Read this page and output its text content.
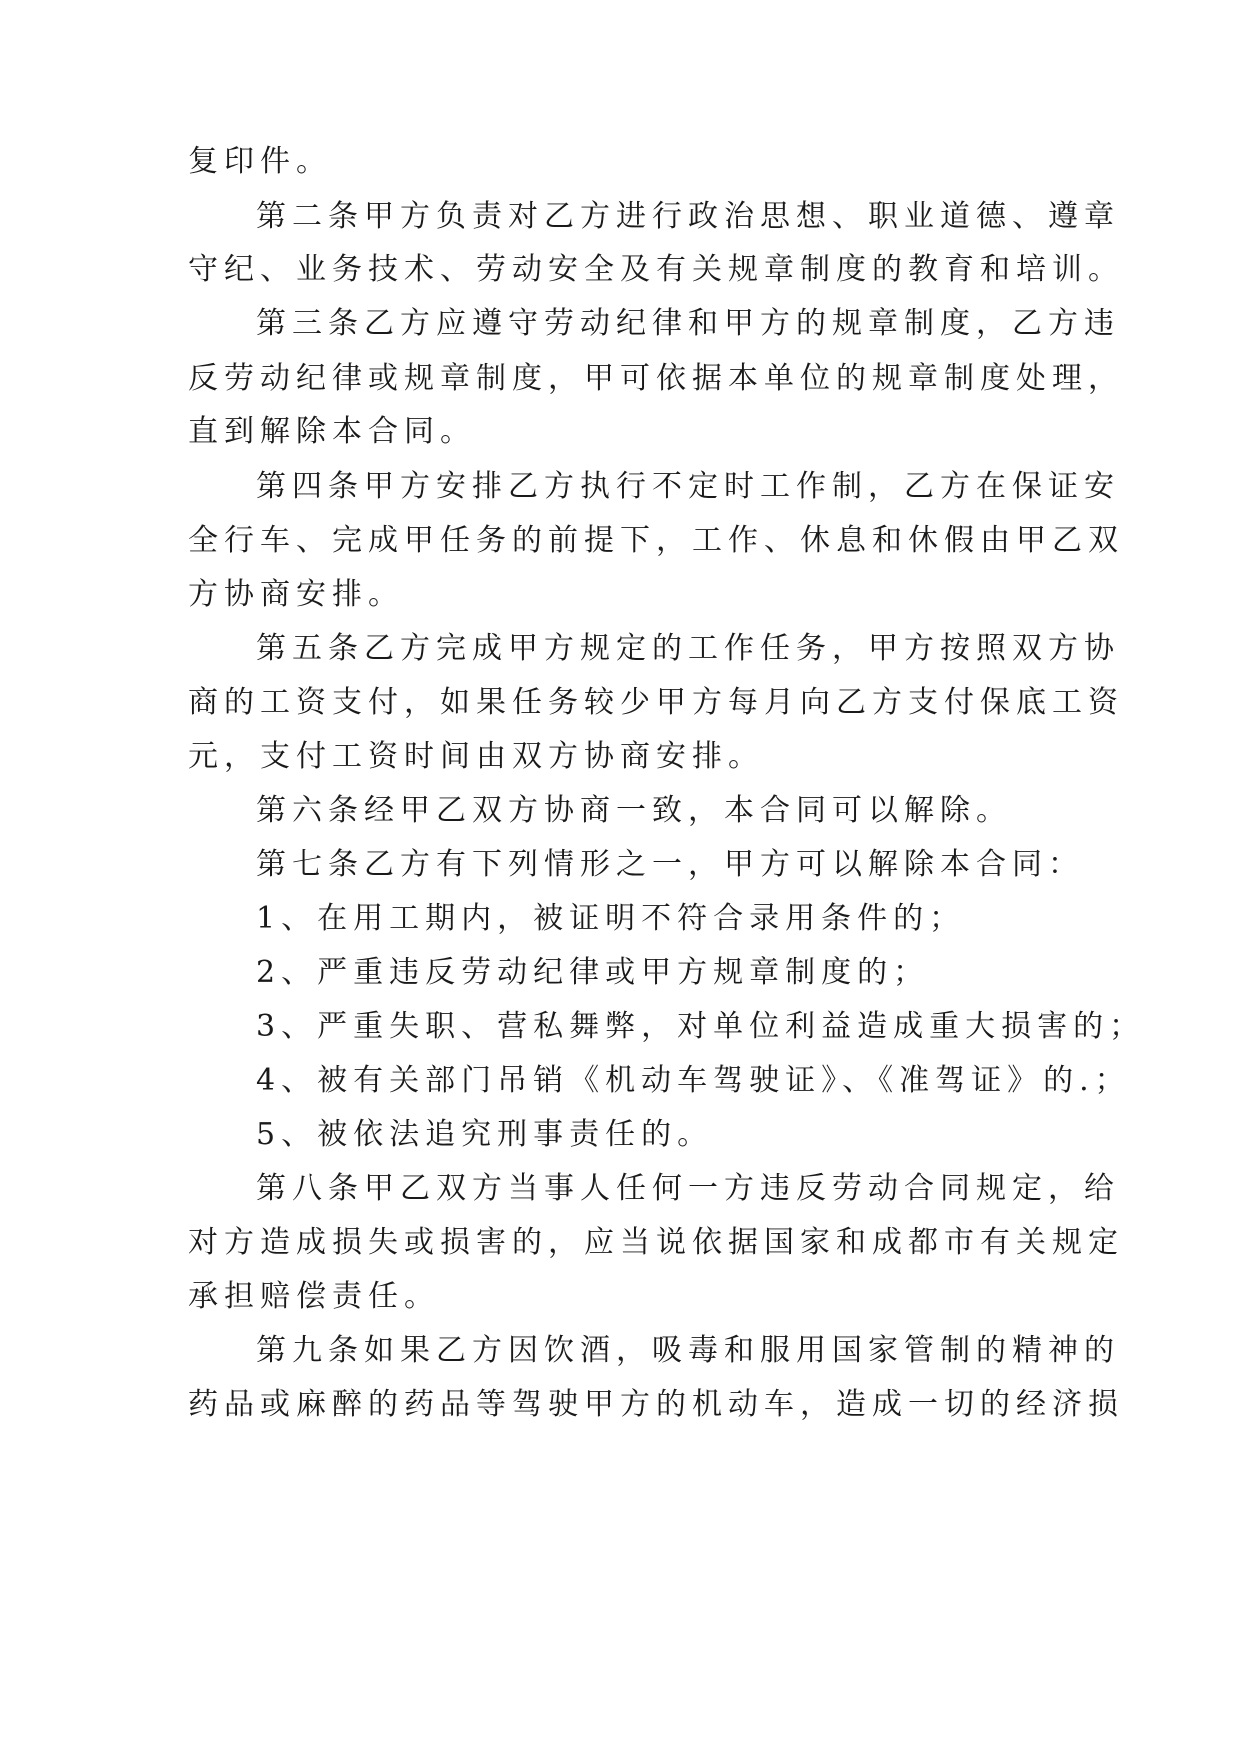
复印件。
第二条甲方负责对乙方进行政治思想、职业道德、遵章
守纪、业务技术、劳动安全及有关规章制度的教育和培训。
第三条乙方应遵守劳动纪律和甲方的规章制度，乙方违
反劳动纪律或规章制度，甲可依据本单位的规章制度处理，
直到解除本合同。
第四条甲方安排乙方执行不定时工作制，乙方在保证安
全行车、完成甲任务的前提下，工作、休息和休假由甲乙双
方协商安排。
第五条乙方完成甲方规定的工作任务，甲方按照双方协
商的工资支付，如果任务较少甲方每月向乙方支付保底工资
元，支付工资时间由双方协商安排。
第六条经甲乙双方协商一致，本合同可以解除。
第七条乙方有下列情形之一，甲方可以解除本合同：
1、在用工期内，被证明不符合录用条件的；
2、严重违反劳动纪律或甲方规章制度的；
3、严重失职、营私舞弊，对单位利益造成重大损害的；
4、被有关部门吊销《机动车驾驶证》、《准驾证》的.；
5、被依法追究刑事责任的。
第八条甲乙双方当事人任何一方违反劳动合同规定，给
对方造成损失或损害的，应当说依据国家和成都市有关规定
承担赔偿责任。
第九条如果乙方因饮酒，吸毒和服用国家管制的精神的
药品或麻醉的药品等驾驶甲方的机动车，造成一切的经济损
